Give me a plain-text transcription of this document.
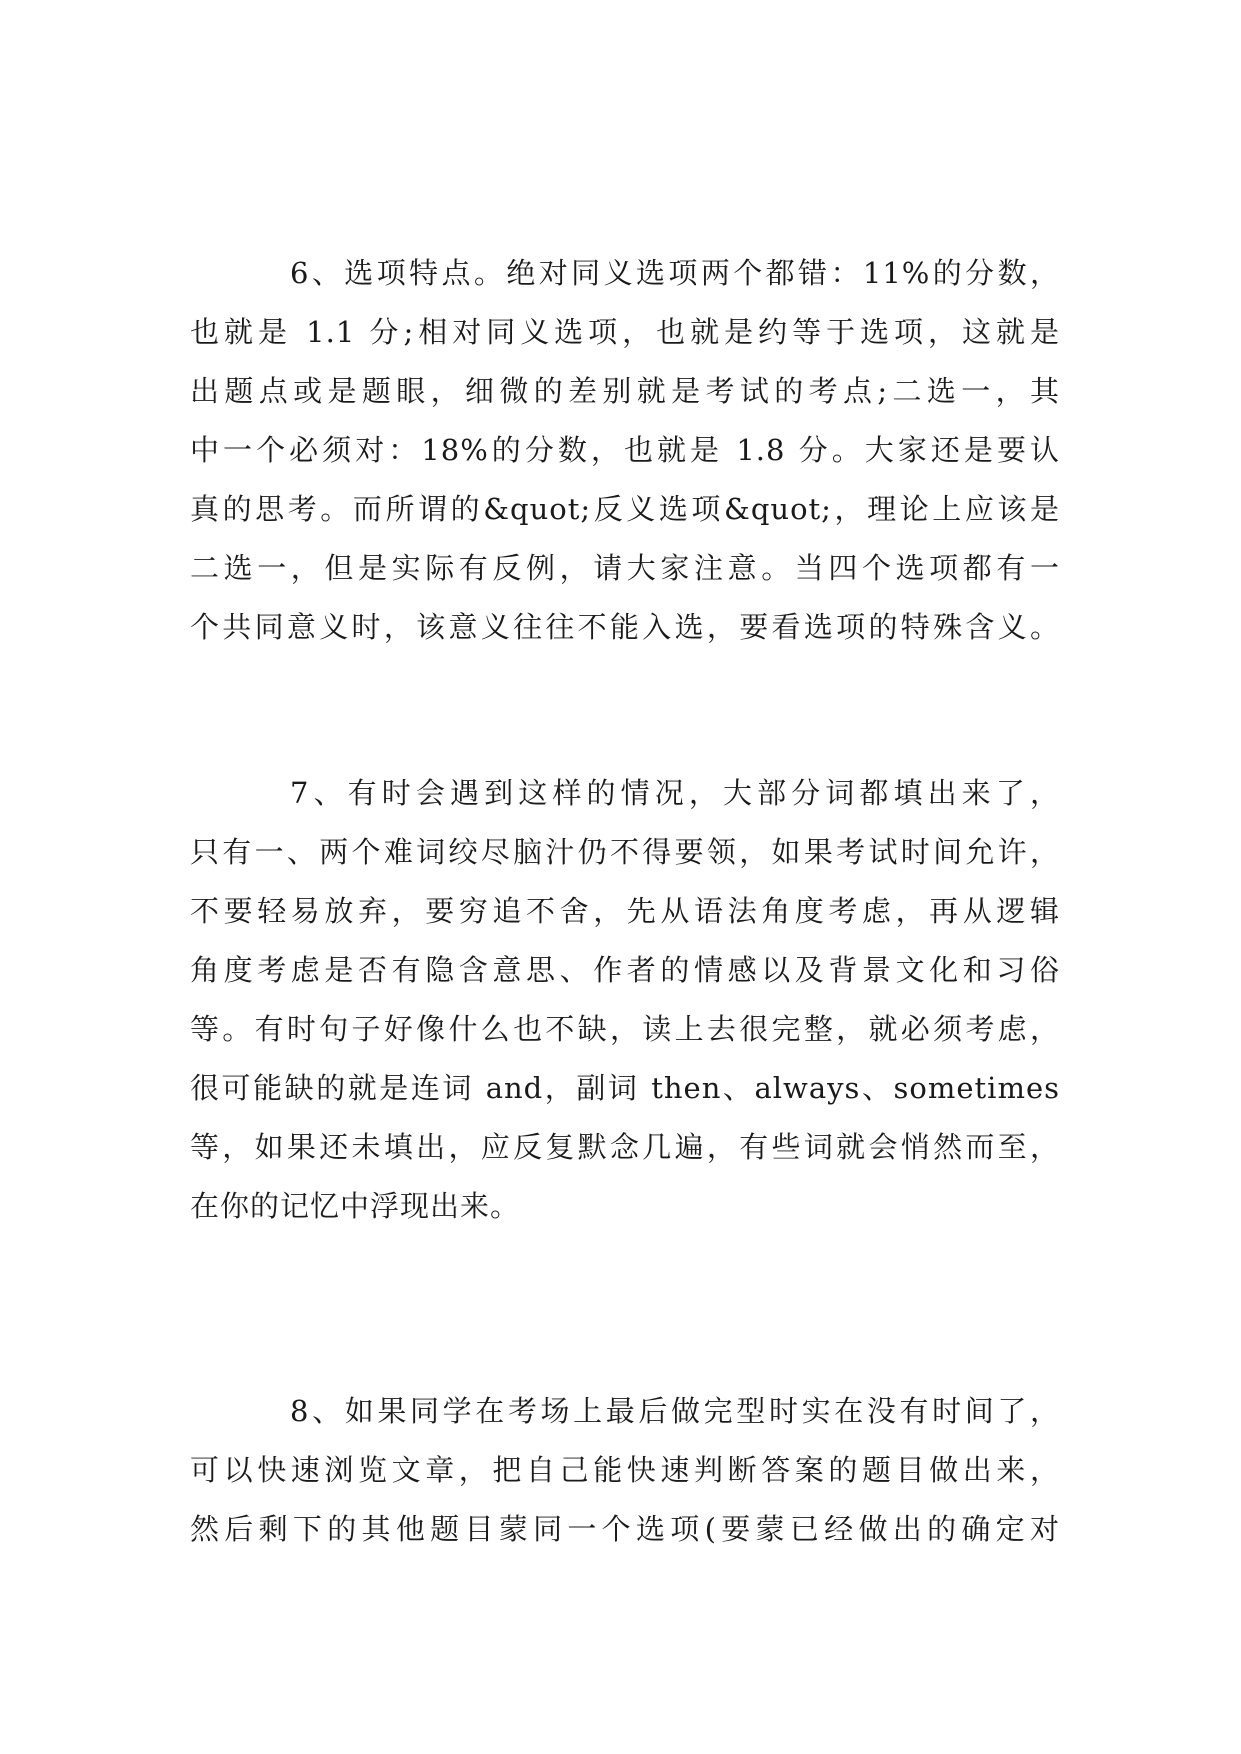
6、选项特点。绝对同义选项两个都错：11%的分数，
也就是 1.1 分;相对同义选项，也就是约等于选项，这就是
出题点或是题眼，细微的差别就是考试的考点;二选一，其
中一个必须对：18%的分数，也就是 1.8 分。大家还是要认
真的思考。而所谓的&quot;反义选项&quot;，理论上应该是
二选一，但是实际有反例，请大家注意。当四个选项都有一
个共同意义时，该意义往往不能入选，要看选项的特殊含义。
7、有时会遇到这样的情况，大部分词都填出来了，
只有一、两个难词绞尽脑汁仍不得要领，如果考试时间允许，
不要轻易放弃，要穷追不舍，先从语法角度考虑，再从逻辑
角度考虑是否有隐含意思、作者的情感以及背景文化和习俗
等。有时句子好像什么也不缺，读上去很完整，就必须考虑，
很可能缺的就是连词 and，副词 then、always、sometimes
等，如果还未填出，应反复默念几遍，有些词就会悄然而至，
在你的记忆中浮现出来。
8、如果同学在考场上最后做完型时实在没有时间了，
可以快速浏览文章，把自己能快速判断答案的题目做出来，
然后剩下的其他题目蒙同一个选项(要蒙已经做出的确定对
